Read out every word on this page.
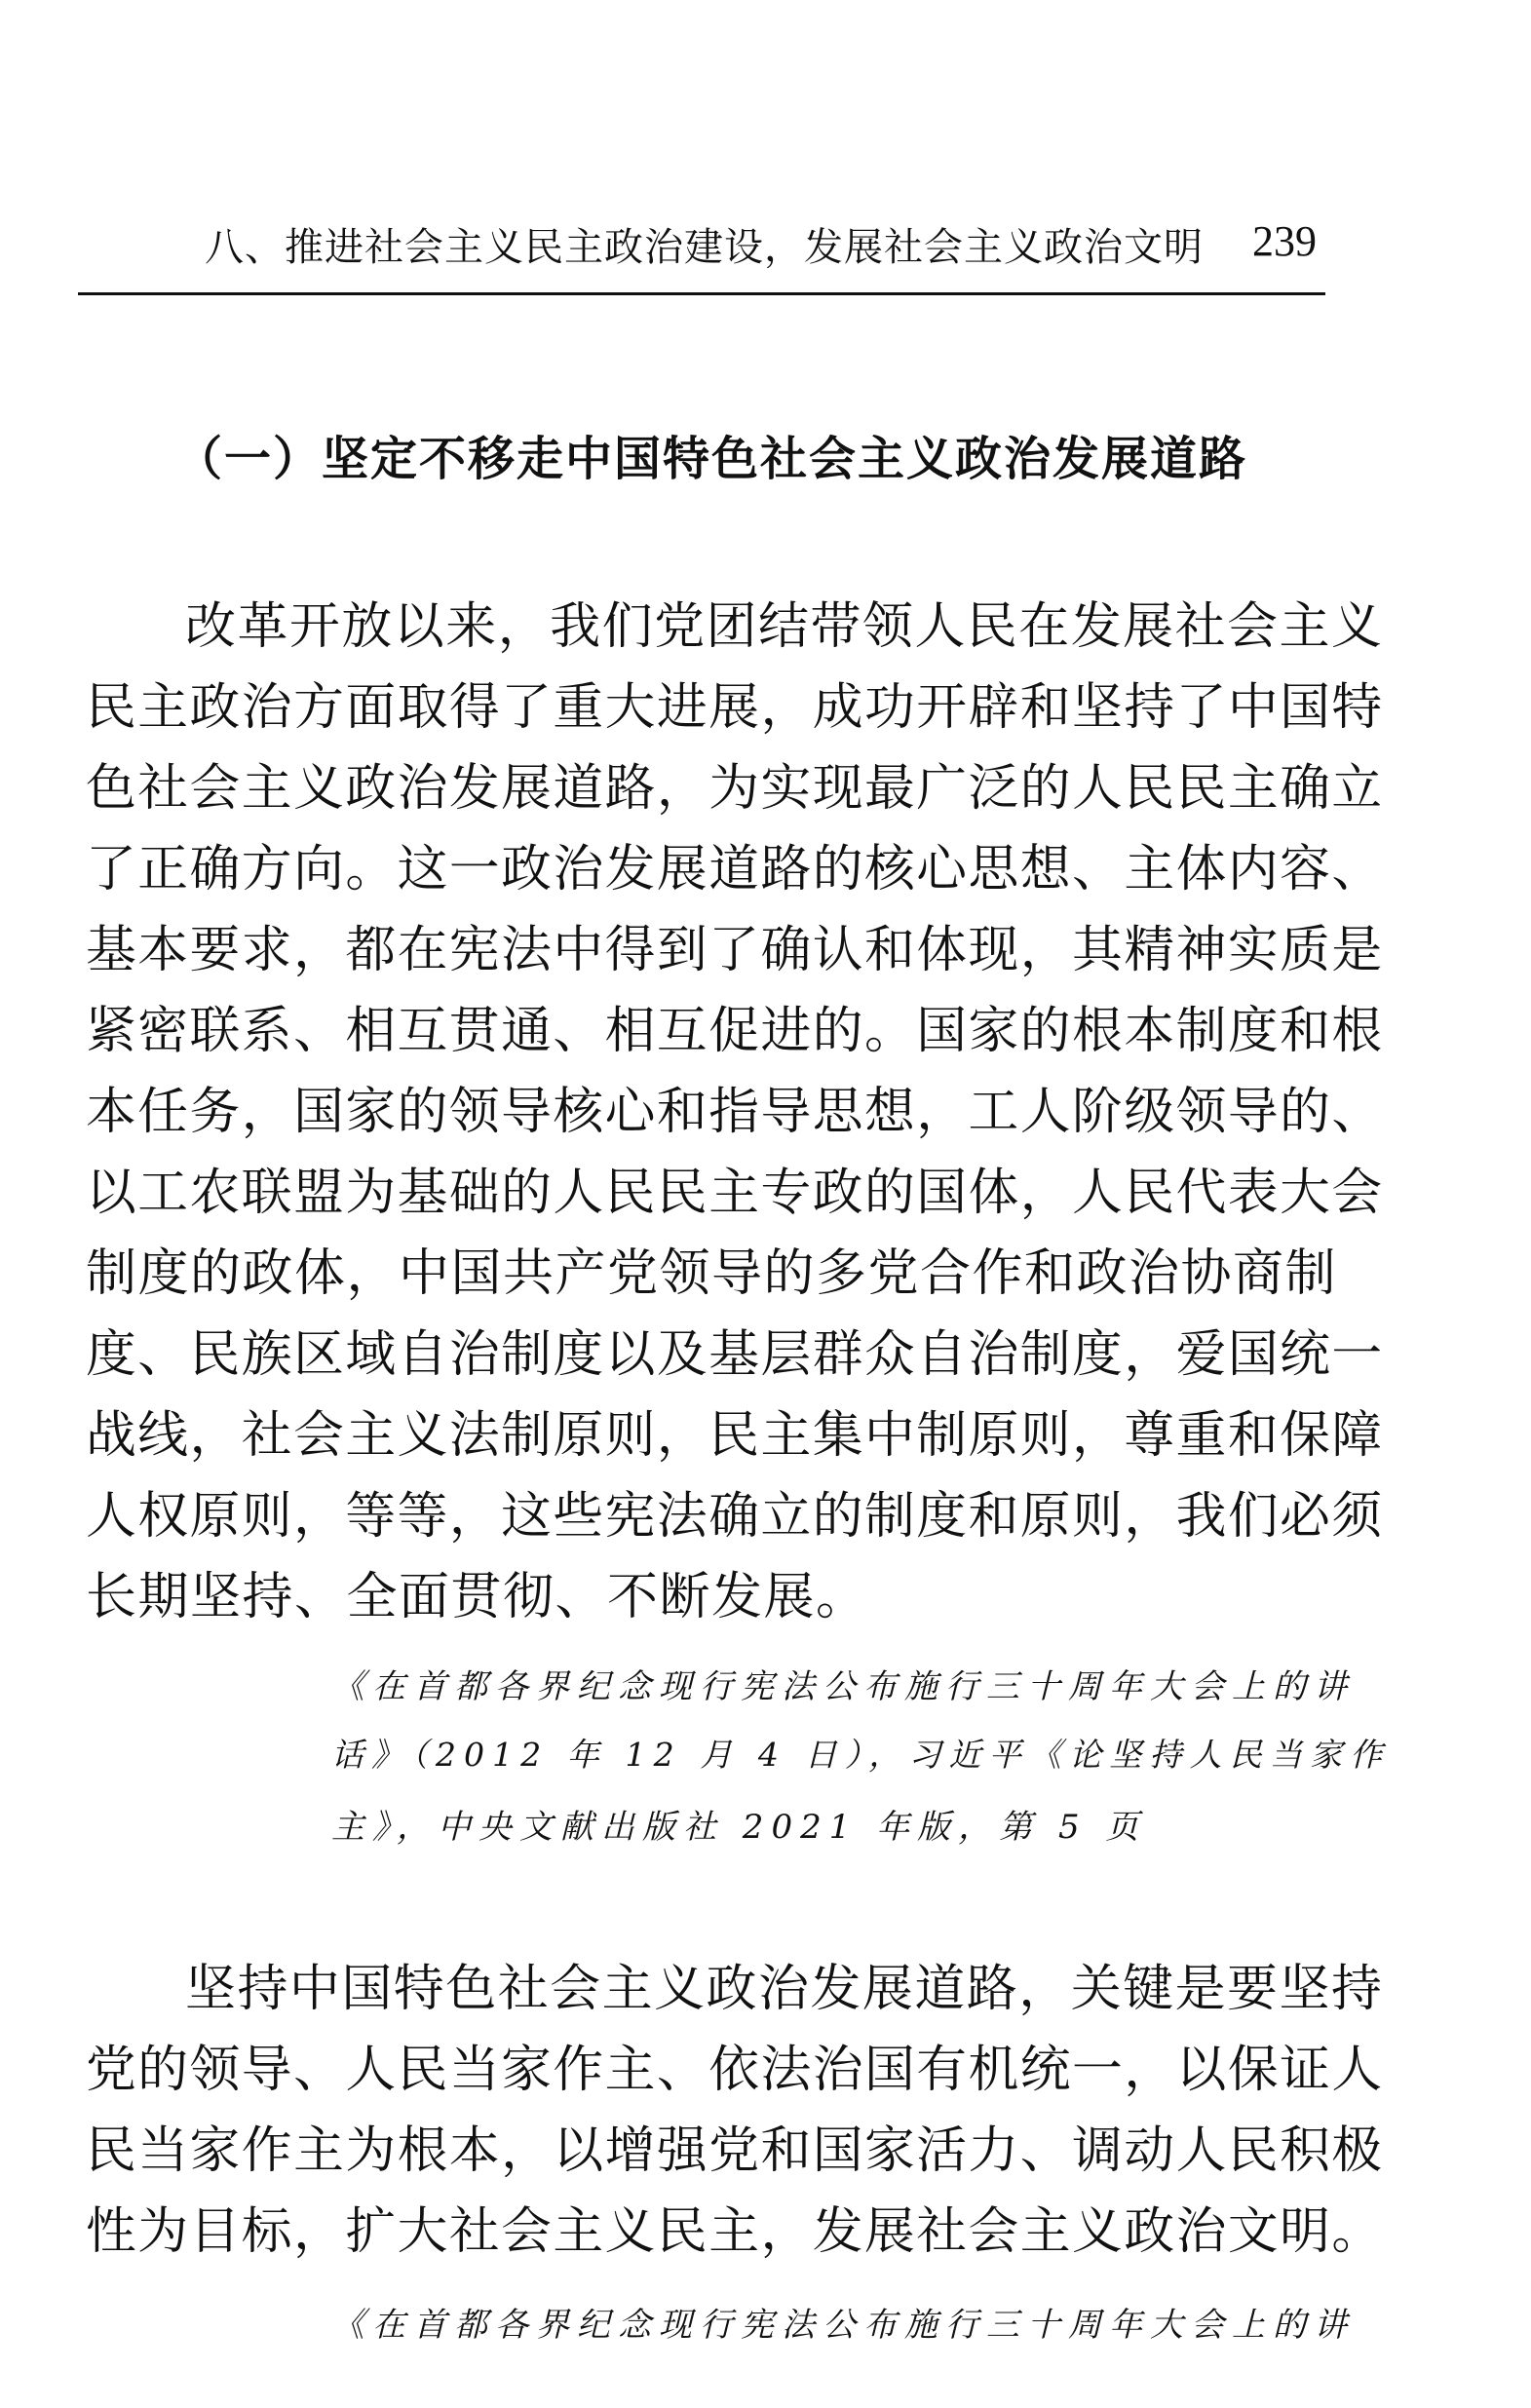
八、推进社会主义民主政治建设，发展社会主义政治文明 239
（一）坚定不移走中国特色社会主义政治发展道路
改革开放以来，我们党团结带领人民在发展社会主义
民主政治方面取得了重大进展，成功开辟和坚持了中国特
色社会主义政治发展道路，为实现最广泛的人民民主确立
了正确方向。这一政治发展道路的核心思想、主体内容、
基本要求，都在宪法中得到了确认和体现，其精神实质是
紧密联系、相互贯通、相互促进的。国家的根本制度和根
本任务，国家的领导核心和指导思想，工人阶级领导的、
以工农联盟为基础的人民民主专政的国体，人民代表大会
制度的政体，中国共产党领导的多党合作和政治协商制
度、民族区域自治制度以及基层群众自治制度，爱国统一
战线，社会主义法制原则，民主集中制原则，尊重和保障
人权原则，等等，这些宪法确立的制度和原则，我们必须
长期坚持、全面贯彻、不断发展。
《在首都各界纪念现行宪法公布施行三十周年大会上的讲
话》（2012 年 12 月 4 日），习近平《论坚持人民当家作
主》，中央文献出版社 2021 年版，第 5 页
坚持中国特色社会主义政治发展道路，关键是要坚持
党的领导、人民当家作主、依法治国有机统一，以保证人
民当家作主为根本，以增强党和国家活力、调动人民积极
性为目标，扩大社会主义民主，发展社会主义政治文明。
《在首都各界纪念现行宪法公布施行三十周年大会上的讲
